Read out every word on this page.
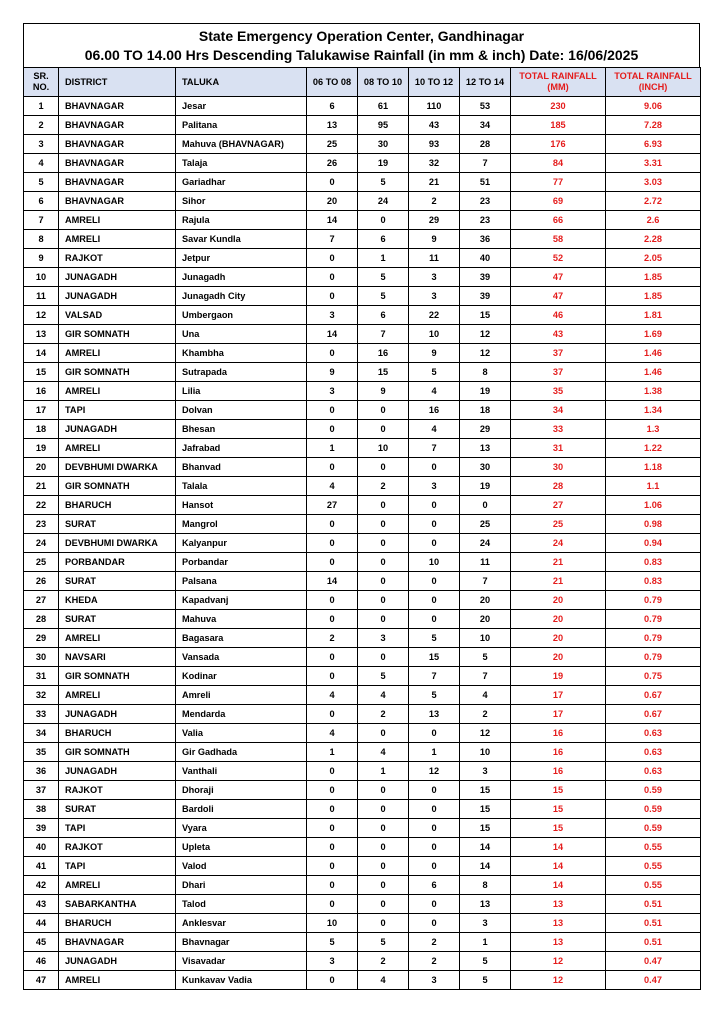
State Emergency Operation Center, Gandhinagar
06.00 TO 14.00 Hrs Descending Talukawise Rainfall (in mm & inch) Date: 16/06/2025
SR. NO.	DISTRICT	TALUKA	06 TO 08	08 TO 10	10 TO 12	12 TO 14	TOTAL RAINFALL (MM)	TOTAL RAINFALL (INCH)
1	BHAVNAGAR	Jesar	6	61	110	53	230	9.06
2	BHAVNAGAR	Palitana	13	95	43	34	185	7.28
3	BHAVNAGAR	Mahuva (BHAVNAGAR)	25	30	93	28	176	6.93
4	BHAVNAGAR	Talaja	26	19	32	7	84	3.31
5	BHAVNAGAR	Gariadhar	0	5	21	51	77	3.03
6	BHAVNAGAR	Sihor	20	24	2	23	69	2.72
7	AMRELI	Rajula	14	0	29	23	66	2.6
8	AMRELI	Savar Kundla	7	6	9	36	58	2.28
9	RAJKOT	Jetpur	0	1	11	40	52	2.05
10	JUNAGADH	Junagadh	0	5	3	39	47	1.85
11	JUNAGADH	Junagadh City	0	5	3	39	47	1.85
12	VALSAD	Umbergaon	3	6	22	15	46	1.81
13	GIR SOMNATH	Una	14	7	10	12	43	1.69
14	AMRELI	Khambha	0	16	9	12	37	1.46
15	GIR SOMNATH	Sutrapada	9	15	5	8	37	1.46
16	AMRELI	Lilia	3	9	4	19	35	1.38
17	TAPI	Dolvan	0	0	16	18	34	1.34
18	JUNAGADH	Bhesan	0	0	4	29	33	1.3
19	AMRELI	Jafrabad	1	10	7	13	31	1.22
20	DEVBHUMI DWARKA	Bhanvad	0	0	0	30	30	1.18
21	GIR SOMNATH	Talala	4	2	3	19	28	1.1
22	BHARUCH	Hansot	27	0	0	0	27	1.06
23	SURAT	Mangrol	0	0	0	25	25	0.98
24	DEVBHUMI DWARKA	Kalyanpur	0	0	0	24	24	0.94
25	PORBANDAR	Porbandar	0	0	10	11	21	0.83
26	SURAT	Palsana	14	0	0	7	21	0.83
27	KHEDA	Kapadvanj	0	0	0	20	20	0.79
28	SURAT	Mahuva	0	0	0	20	20	0.79
29	AMRELI	Bagasara	2	3	5	10	20	0.79
30	NAVSARI	Vansada	0	0	15	5	20	0.79
31	GIR SOMNATH	Kodinar	0	5	7	7	19	0.75
32	AMRELI	Amreli	4	4	5	4	17	0.67
33	JUNAGADH	Mendarda	0	2	13	2	17	0.67
34	BHARUCH	Valia	4	0	0	12	16	0.63
35	GIR SOMNATH	Gir Gadhada	1	4	1	10	16	0.63
36	JUNAGADH	Vanthali	0	1	12	3	16	0.63
37	RAJKOT	Dhoraji	0	0	0	15	15	0.59
38	SURAT	Bardoli	0	0	0	15	15	0.59
39	TAPI	Vyara	0	0	0	15	15	0.59
40	RAJKOT	Upleta	0	0	0	14	14	0.55
41	TAPI	Valod	0	0	0	14	14	0.55
42	AMRELI	Dhari	0	0	6	8	14	0.55
43	SABARKANTHA	Talod	0	0	0	13	13	0.51
44	BHARUCH	Anklesvar	10	0	0	3	13	0.51
45	BHAVNAGAR	Bhavnagar	5	5	2	1	13	0.51
46	JUNAGADH	Visavadar	3	2	2	5	12	0.47
47	AMRELI	Kunkavav Vadia	0	4	3	5	12	0.47
